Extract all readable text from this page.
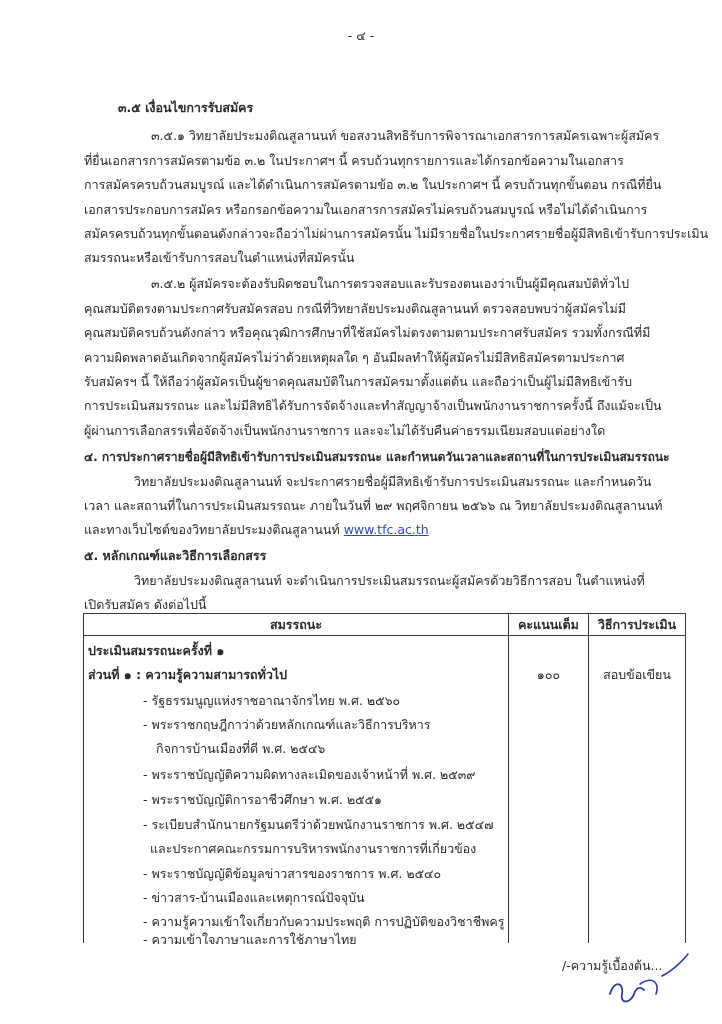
- ๔ -
๓.๕ เงื่อนไขการรับสมัคร
๓.๕.๑ วิทยาลัยประมงติณสูลานนท์ ขอสงวนสิทธิรับการพิจารณาเอกสารการสมัครเฉพาะผู้สมัคร
ที่ยื่นเอกสารการสมัครตามข้อ ๓.๒ ในประกาศฯ นี้ ครบถ้วนทุกรายการและได้กรอกข้อความในเอกสาร
การสมัครครบถ้วนสมบูรณ์ และได้ดำเนินการสมัครตามข้อ ๓.๒ ในประกาศฯ นี้ ครบถ้วนทุกขั้นตอน กรณีที่ยื่น
เอกสารประกอบการสมัคร หรือกรอกข้อความในเอกสารการสมัครไม่ครบถ้วนสมบูรณ์ หรือไม่ได้ดำเนินการ
สมัครครบถ้วนทุกขั้นตอนดังกล่าวจะถือว่าไม่ผ่านการสมัครนั้น ไม่มีรายชื่อในประกาศรายชื่อผู้มีสิทธิเข้ารับการประเมิน
สมรรถนะหรือเข้ารับการสอบในตำแหน่งที่สมัครนั้น
๓.๕.๒ ผู้สมัครจะต้องรับผิดชอบในการตรวจสอบและรับรองตนเองว่าเป็นผู้มีคุณสมบัติทั่วไป
คุณสมบัติตรงตามประกาศรับสมัครสอบ กรณีที่วิทยาลัยประมงติณสูลานนท์ ตรวจสอบพบว่าผู้สมัครไม่มี
คุณสมบัติครบถ้วนดังกล่าว หรือคุณวุฒิการศึกษาที่ใช้สมัครไม่ตรงตามตามประกาศรับสมัคร รวมทั้งกรณีที่มี
ความผิดพลาดอันเกิดจากผู้สมัครไม่ว่าด้วยเหตุผลใด ๆ อันมีผลทำให้ผู้สมัครไม่มีสิทธิสมัครตามประกาศ
รับสมัครฯ นี้ ให้ถือว่าผู้สมัครเป็นผู้ขาดคุณสมบัติในการสมัครมาตั้งแต่ต้น และถือว่าเป็นผู้ไม่มีสิทธิเข้ารับ
การประเมินสมรรถนะ และไม่มีสิทธิได้รับการจัดจ้างและทำสัญญาจ้างเป็นพนักงานราชการครั้งนี้ ถึงแม้จะเป็น
ผู้ผ่านการเลือกสรรเพื่อจัดจ้างเป็นพนักงานราชการ และจะไม่ได้รับคืนค่าธรรมเนียมสอบแต่อย่างใด
๔. การประกาศรายชื่อผู้มีสิทธิเข้ารับการประเมินสมรรถนะ และกำหนดวันเวลาและสถานที่ในการประเมินสมรรถนะ
วิทยาลัยประมงติณสูลานนท์ จะประกาศรายชื่อผู้มีสิทธิเข้ารับการประเมินสมรรถนะ และกำหนดวัน
เวลา และสถานที่ในการประเมินสมรรถนะ ภายในวันที่ ๒๙ พฤศจิกายน ๒๕๖๖ ณ วิทยาลัยประมงติณสูลานนท์
และทางเว็บไซต์ของวิทยาลัยประมงติณสูลานนท์ www.tfc.ac.th
๕. หลักเกณฑ์และวิธีการเลือกสรร
วิทยาลัยประมงติณสูลานนท์ จะดำเนินการประเมินสมรรถนะผู้สมัครด้วยวิธีการสอบ ในตำแหน่งที่
เปิดรับสมัคร ดังต่อไปนี้
สมรรถนะ	คะแนนเต็ม	วิธีการประเมิน
ประเมินสมรรถนะครั้งที่ ๑
ส่วนที่ ๑ : ความรู้ความสามารถทั่วไป	๑๐๐	สอบข้อเขียน
- รัฐธรรมนูญแห่งราชอาณาจักรไทย พ.ศ. ๒๕๖๐
- พระราชกฤษฎีกาว่าด้วยหลักเกณฑ์และวิธีการบริหาร
กิจการบ้านเมืองที่ดี พ.ศ. ๒๕๔๖
- พระราชบัญญัติความผิดทางละเมิดของเจ้าหน้าที่ พ.ศ. ๒๕๓๙
- พระราชบัญญัติการอาชีวศึกษา พ.ศ. ๒๕๕๑
- ระเบียบสำนักนายกรัฐมนตรีว่าด้วยพนักงานราชการ พ.ศ. ๒๕๔๗
และประกาศคณะกรรมการบริหารพนักงานราชการที่เกี่ยวข้อง
- พระราชบัญญัติข้อมูลข่าวสารของราชการ พ.ศ. ๒๕๔๐
- ข่าวสาร-บ้านเมืองและเหตุการณ์ปัจจุบัน
- ความรู้ความเข้าใจเกี่ยวกับความประพฤติ การปฏิบัติของวิชาชีพครู
- ความเข้าใจภาษาและการใช้ภาษาไทย
/-ความรู้เบื้องต้น...
